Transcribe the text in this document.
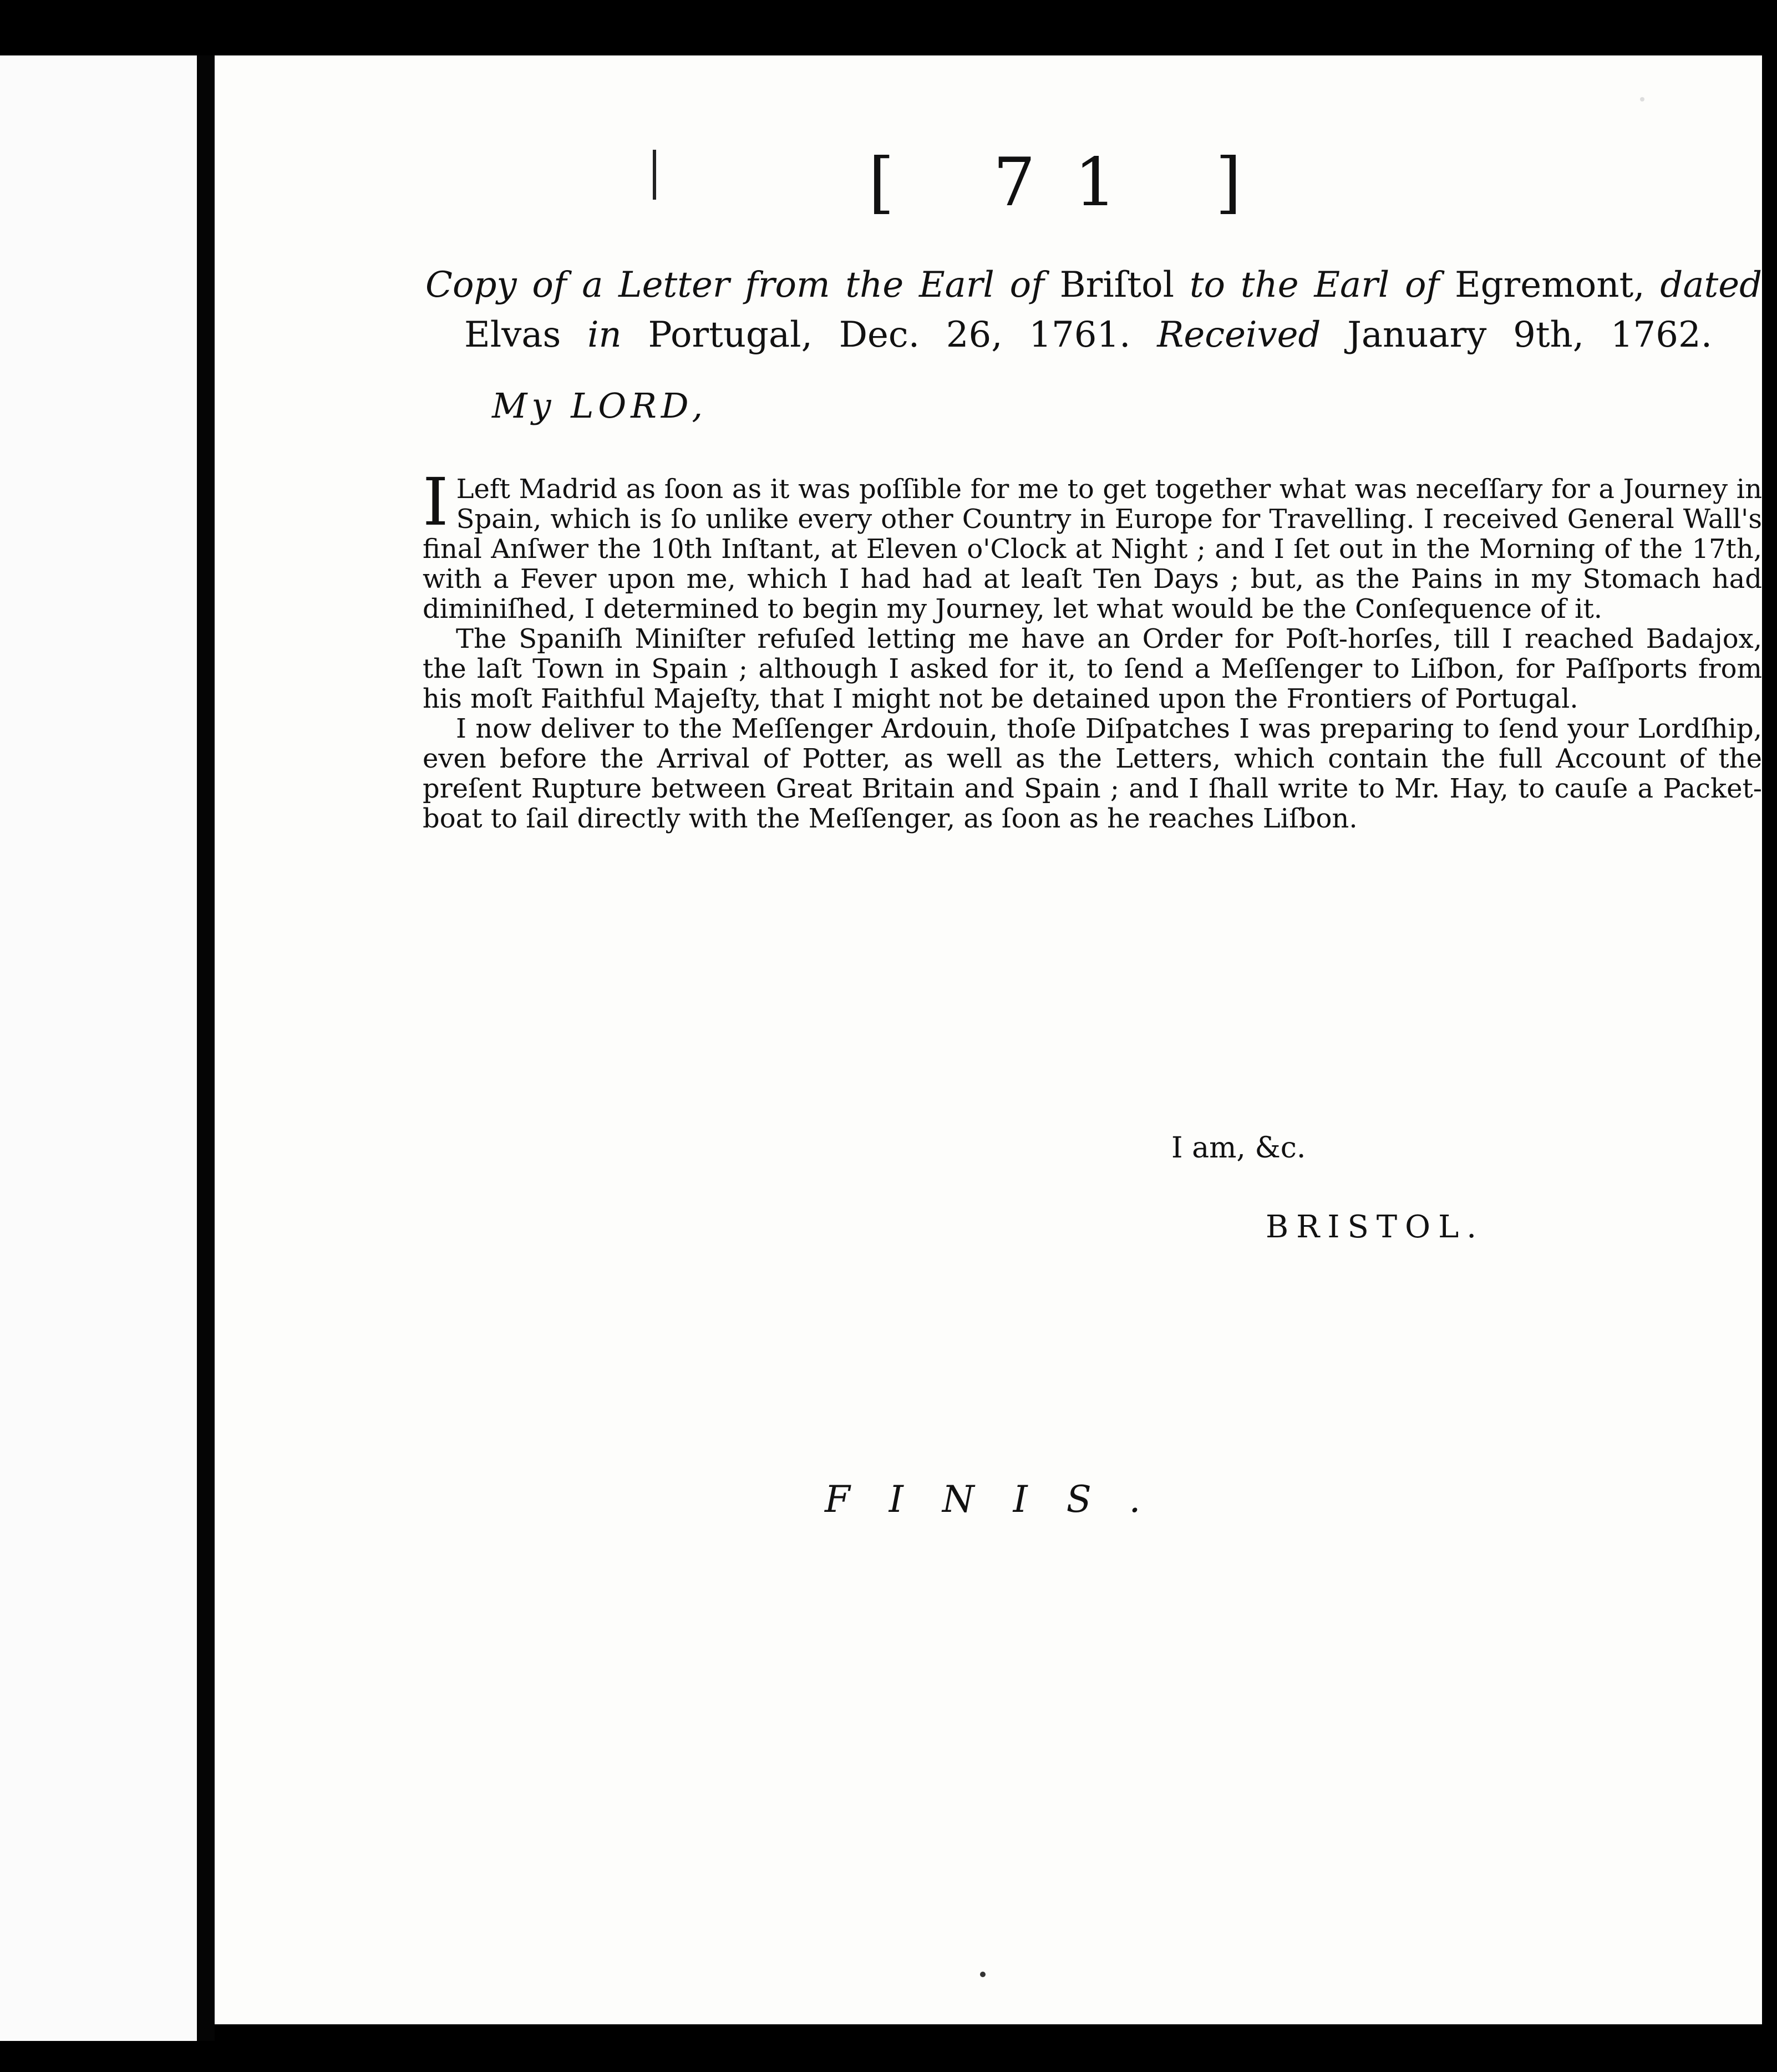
[ 71 ]
Copy of a Letter from the Earl of Briſtol to the Earl of Egremont, dated
Elvas in Portugal, Dec. 26, 1761. Received January 9th, 1762.
My LORD,

ILeft Madrid as ſoon as it was poſſible for me to get together what was neceſſary for a Journey in Spain, which is ſo unlike every other Country in Europe for Travelling. I received General Wall's final Anſwer the 10th Inſtant, at Eleven o'Clock at Night ; and I ſet out in the Morning of the 17th, with a Fever upon me, which I had had at leaſt Ten Days ; but, as the Pains in my Stomach had diminiſhed, I determined to begin my Journey, let what would be the Conſequence of it.

The Spaniſh Miniſter refuſed letting me have an Order for Poſt-horſes, till I reached Badajox, the laſt Town in Spain ; although I asked for it, to ſend a Meſſenger to Liſbon, for Paſſports from his moſt Faithful Majeſty, that I might not be detained upon the Frontiers of Portugal.

I now deliver to the Meſſenger Ardouin, thoſe Diſpatches I was preparing to ſend your Lordſhip, even before the Arrival of Potter, as well as the Letters, which contain the full Account of the preſent Rupture between Great Britain and Spain ; and I ſhall write to Mr. Hay, to cauſe a Packet-boat to ſail directly with the Meſſenger, as ſoon as he reaches Liſbon.

I am, &c.
BRISTOL.
FINIS.
